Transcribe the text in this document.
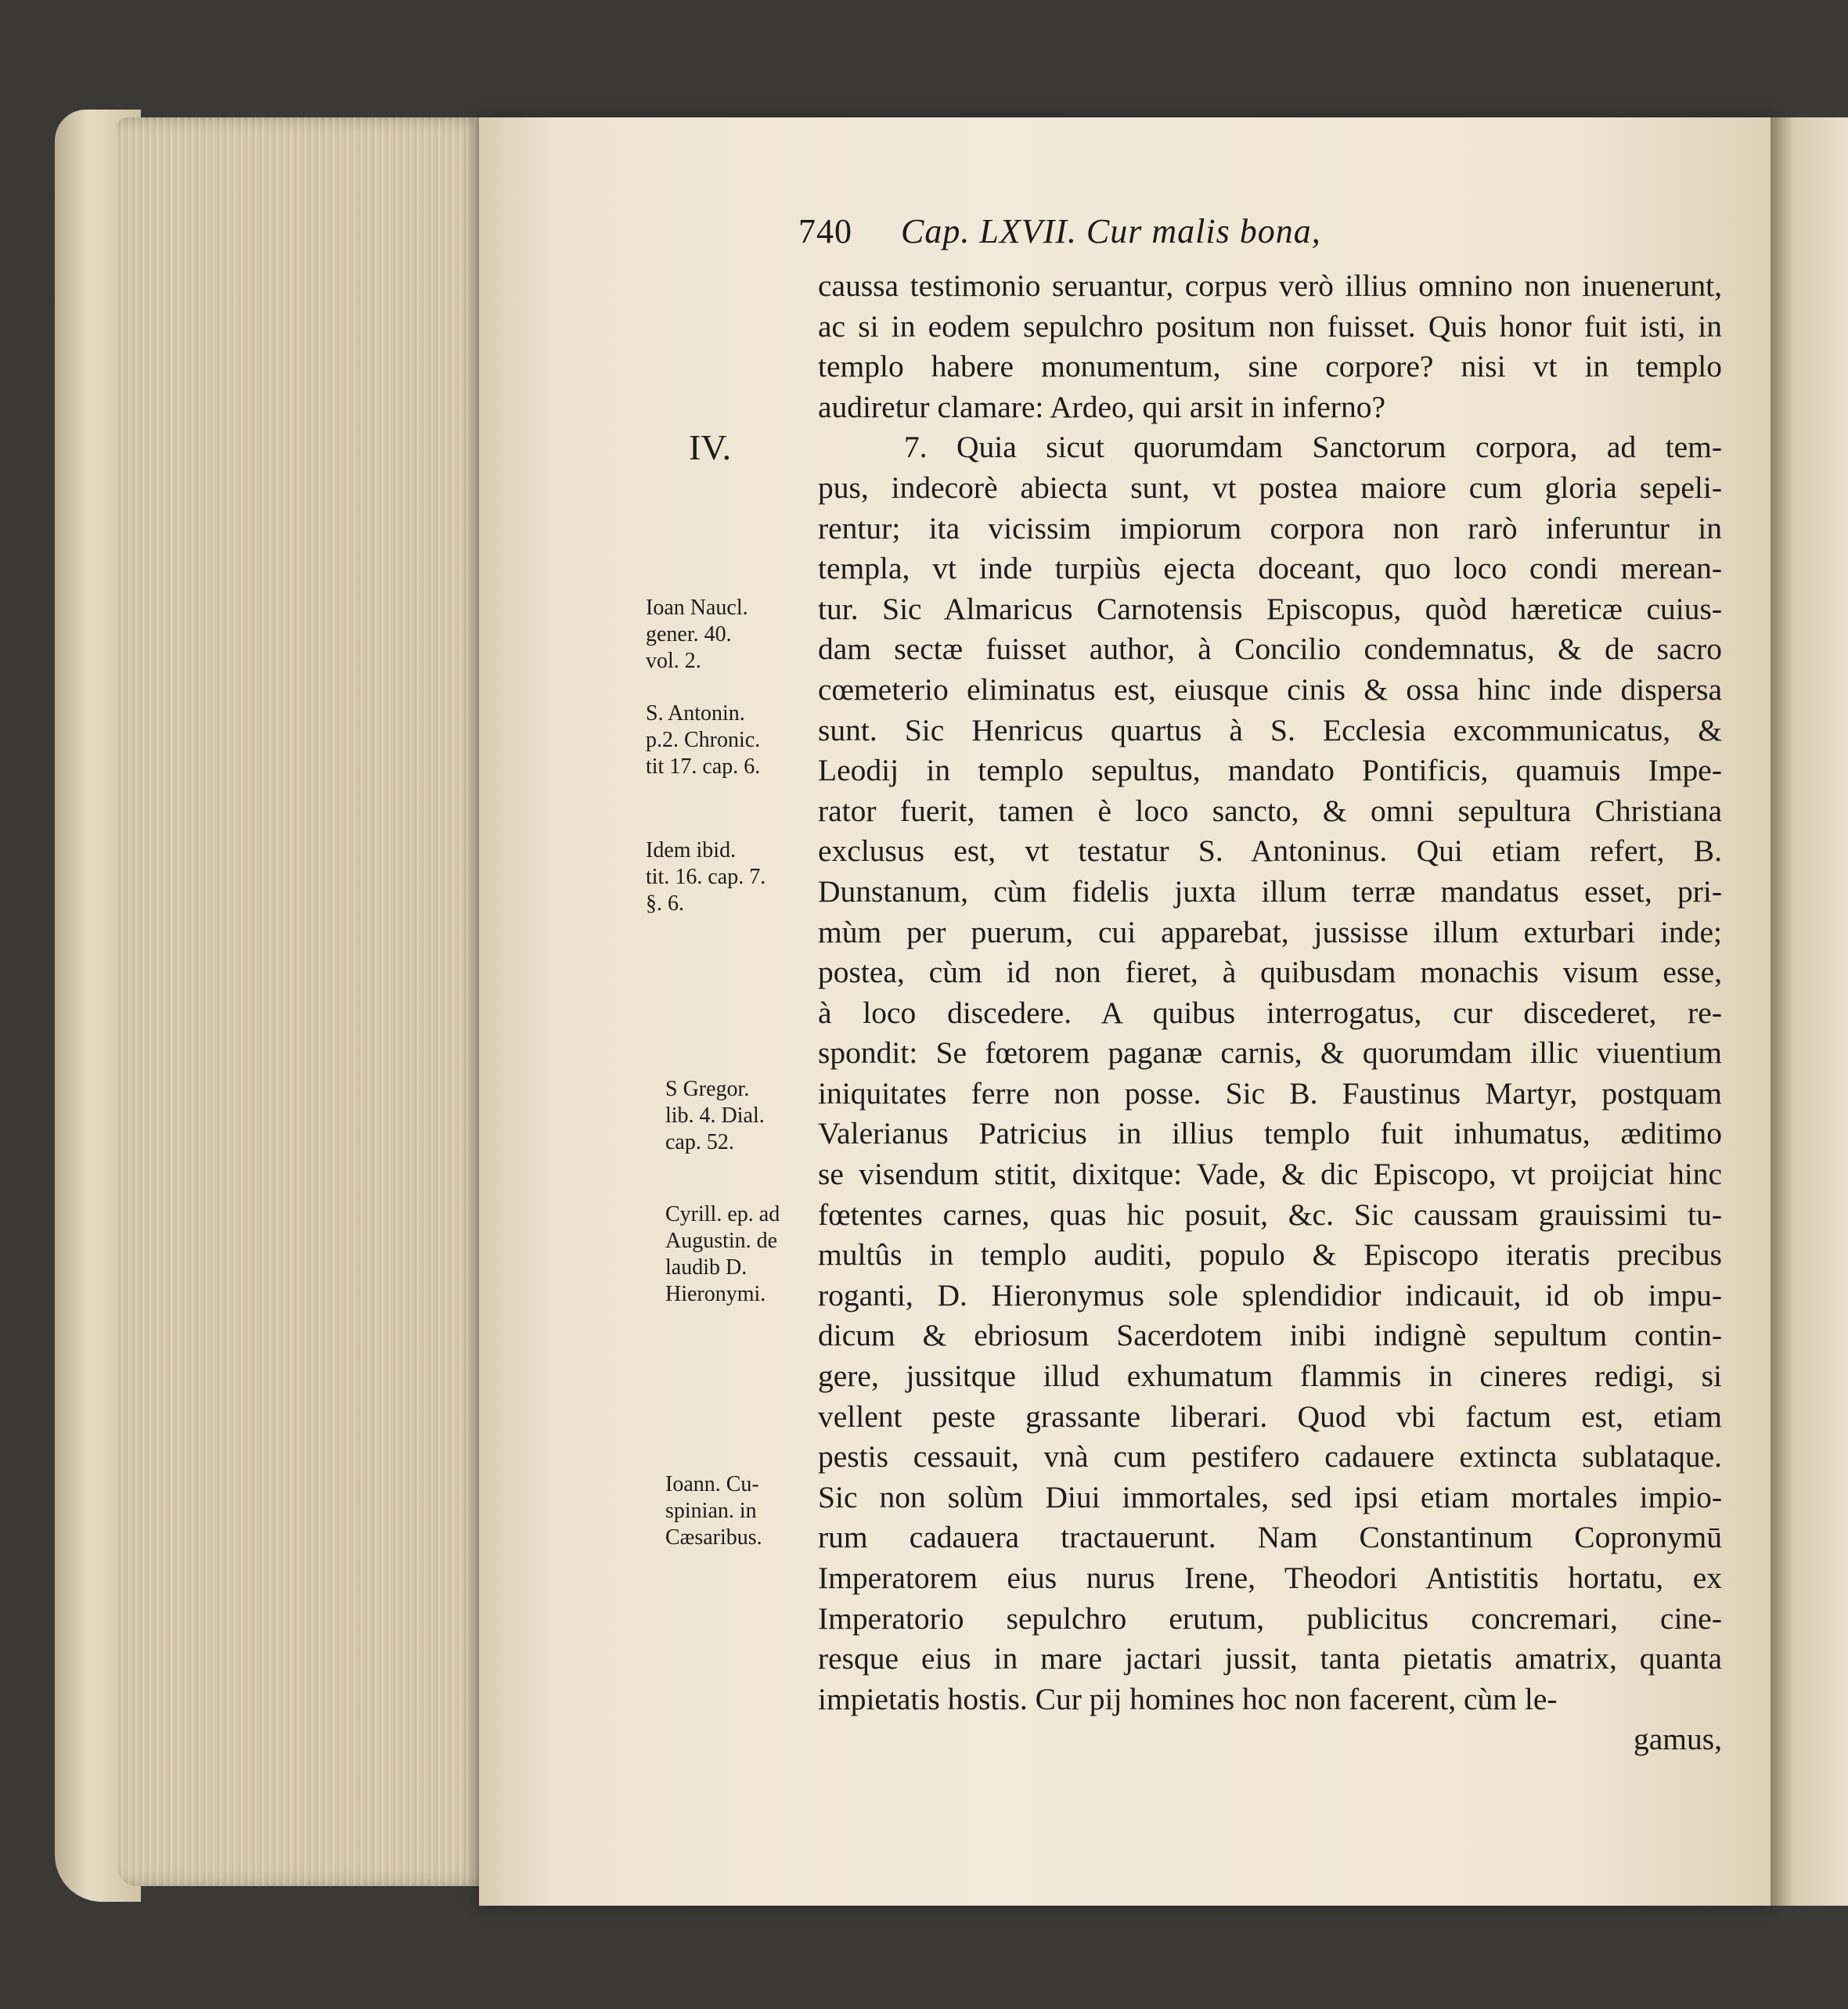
740 Cap. LXVII. Cur malis bona,
IV.
caussa testimonio seruantur, corpus verò illius omnino non inuenerunt,
ac si in eodem sepulchro positum non fuisset. Quis honor fuit isti, in
templo habere monumentum, sine corpore? nisi vt in templo
audiretur clamare: Ardeo, qui arsit in inferno?
7. Quia sicut quorumdam Sanctorum corpora, ad tem-
pus, indecorè abiecta sunt, vt postea maiore cum gloria sepeli-
rentur; ita vicissim impiorum corpora non rarò inferuntur in
templa, vt inde turpiùs ejecta doceant, quo loco condi merean-
tur. Sic Almaricus Carnotensis Episcopus, quòd hæreticæ cuius-
dam sectæ fuisset author, à Concilio condemnatus, & de sacro
cœmeterio eliminatus est, eiusque cinis & ossa hinc inde dispersa
sunt. Sic Henricus quartus à S. Ecclesia excommunicatus, &
Leodij in templo sepultus, mandato Pontificis, quamuis Impe-
rator fuerit, tamen è loco sancto, & omni sepultura Christiana
exclusus est, vt testatur S. Antoninus. Qui etiam refert, B.
Dunstanum, cùm fidelis juxta illum terræ mandatus esset, pri-
mùm per puerum, cui apparebat, jussisse illum exturbari inde;
postea, cùm id non fieret, à quibusdam monachis visum esse,
à loco discedere. A quibus interrogatus, cur discederet, re-
spondit: Se fœtorem paganæ carnis, & quorumdam illic viuentium
iniquitates ferre non posse. Sic B. Faustinus Martyr, postquam
Valerianus Patricius in illius templo fuit inhumatus, æditimo
se visendum stitit, dixitque: Vade, & dic Episcopo, vt proijciat hinc
fœtentes carnes, quas hic posuit, &c. Sic caussam grauissimi tu-
multûs in templo auditi, populo & Episcopo iteratis precibus
roganti, D. Hieronymus sole splendidior indicauit, id ob impu-
dicum & ebriosum Sacerdotem inibi indignè sepultum contin-
gere, jussitque illud exhumatum flammis in cineres redigi, si
vellent peste grassante liberari. Quod vbi factum est, etiam
pestis cessauit, vnà cum pestifero cadauere extincta sublataque.
Sic non solùm Diui immortales, sed ipsi etiam mortales impio-
rum cadauera tractauerunt. Nam Constantinum Copronymū
Imperatorem eius nurus Irene, Theodori Antistitis hortatu, ex
Imperatorio sepulchro erutum, publicitus concremari, cine-
resque eius in mare jactari jussit, tanta pietatis amatrix, quanta
impietatis hostis. Cur pij homines hoc non facerent, cùm le-
gamus,
Ioan Naucl.
gener. 40.
vol. 2.
S. Antonin.
p.2. Chronic.
tit 17. cap. 6.
Idem ibid.
tit. 16. cap. 7.
§. 6.
S Gregor.
lib. 4. Dial.
cap. 52.
Cyrill. ep. ad
Augustin. de
laudib D.
Hieronymi.
Ioann. Cu-
spinian. in
Cæsaribus.
